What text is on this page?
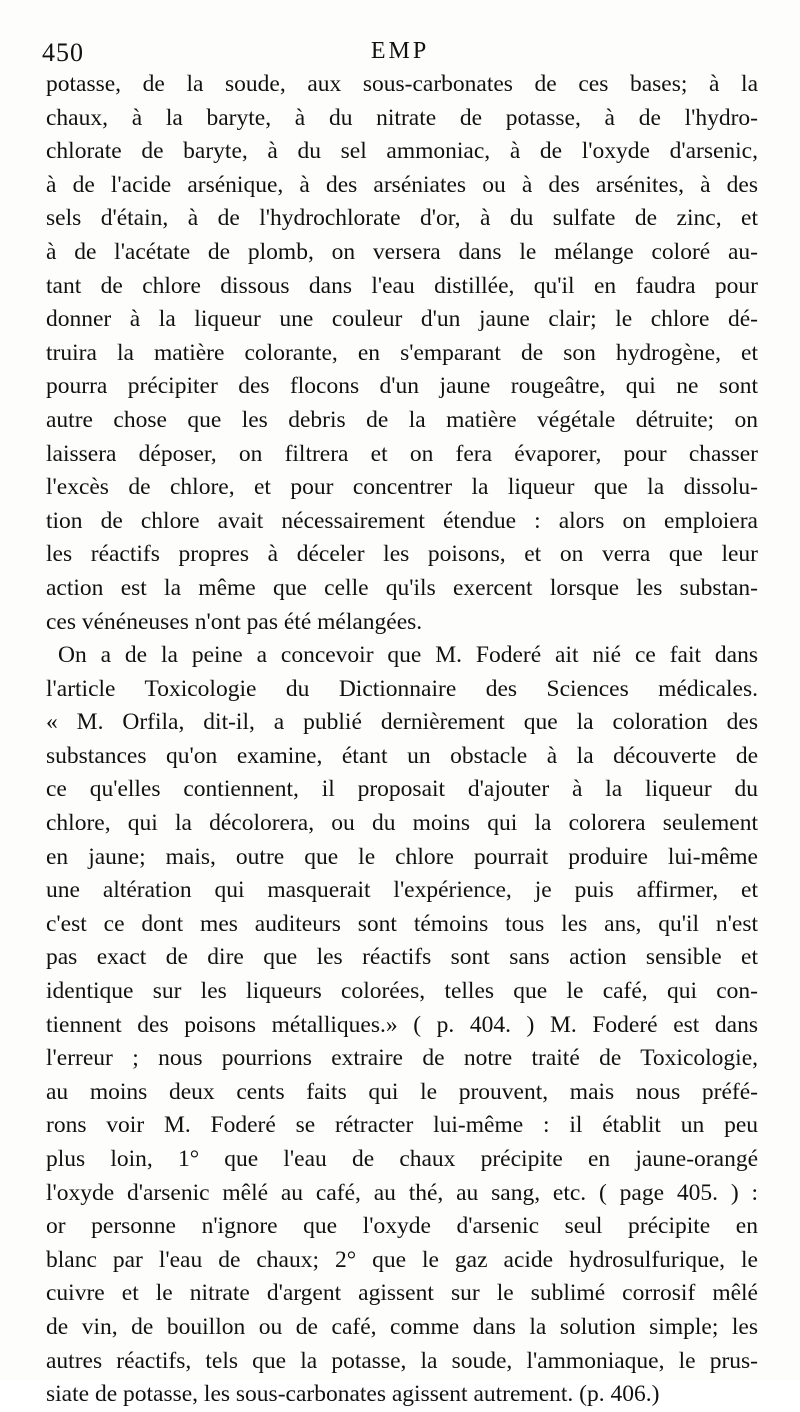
450	EMP
potasse, de la soude, aux sous-carbonates de ces bases; à la
chaux, à la baryte, à du nitrate de potasse, à de l'hydro-
chlorate de baryte, à du sel ammoniac, à de l'oxyde d'arsenic,
à de l'acide arsénique, à des arséniates ou à des arsénites, à des
sels d'étain, à de l'hydrochlorate d'or, à du sulfate de zinc, et
à de l'acétate de plomb, on versera dans le mélange coloré au-
tant de chlore dissous dans l'eau distillée, qu'il en faudra pour
donner à la liqueur une couleur d'un jaune clair; le chlore dé-
truira la matière colorante, en s'emparant de son hydrogène, et
pourra précipiter des flocons d'un jaune rougeâtre, qui ne sont
autre chose que les debris de la matière végétale détruite; on
laissera déposer, on filtrera et on fera évaporer, pour chasser
l'excès de chlore, et pour concentrer la liqueur que la dissolu-
tion de chlore avait nécessairement étendue : alors on emploiera
les réactifs propres à déceler les poisons, et on verra que leur
action est la même que celle qu'ils exercent lorsque les substan-
ces vénéneuses n'ont pas été mélangées.
On a de la peine a concevoir que M. Foderé ait nié ce fait dans
l'article Toxicologie du Dictionnaire des Sciences médicales.
« M. Orfila, dit-il, a publié dernièrement que la coloration des
substances qu'on examine, étant un obstacle à la découverte de
ce qu'elles contiennent, il proposait d'ajouter à la liqueur du
chlore, qui la décolorera, ou du moins qui la colorera seulement
en jaune; mais, outre que le chlore pourrait produire lui-même
une altération qui masquerait l'expérience, je puis affirmer, et
c'est ce dont mes auditeurs sont témoins tous les ans, qu'il n'est
pas exact de dire que les réactifs sont sans action sensible et
identique sur les liqueurs colorées, telles que le café, qui con-
tiennent des poisons métalliques.» ( p. 404. ) M. Foderé est dans
l'erreur ; nous pourrions extraire de notre traité de Toxicologie,
au moins deux cents faits qui le prouvent, mais nous préfé-
rons voir M. Foderé se rétracter lui-même : il établit un peu
plus loin, 1° que l'eau de chaux précipite en jaune-orangé
l'oxyde d'arsenic mêlé au café, au thé, au sang, etc. ( page 405. ) :
or personne n'ignore que l'oxyde d'arsenic seul précipite en
blanc par l'eau de chaux; 2° que le gaz acide hydrosulfurique, le
cuivre et le nitrate d'argent agissent sur le sublimé corrosif mêlé
de vin, de bouillon ou de café, comme dans la solution simple; les
autres réactifs, tels que la potasse, la soude, l'ammoniaque, le prus-
siate de potasse, les sous-carbonates agissent autrement. (p. 406.)
